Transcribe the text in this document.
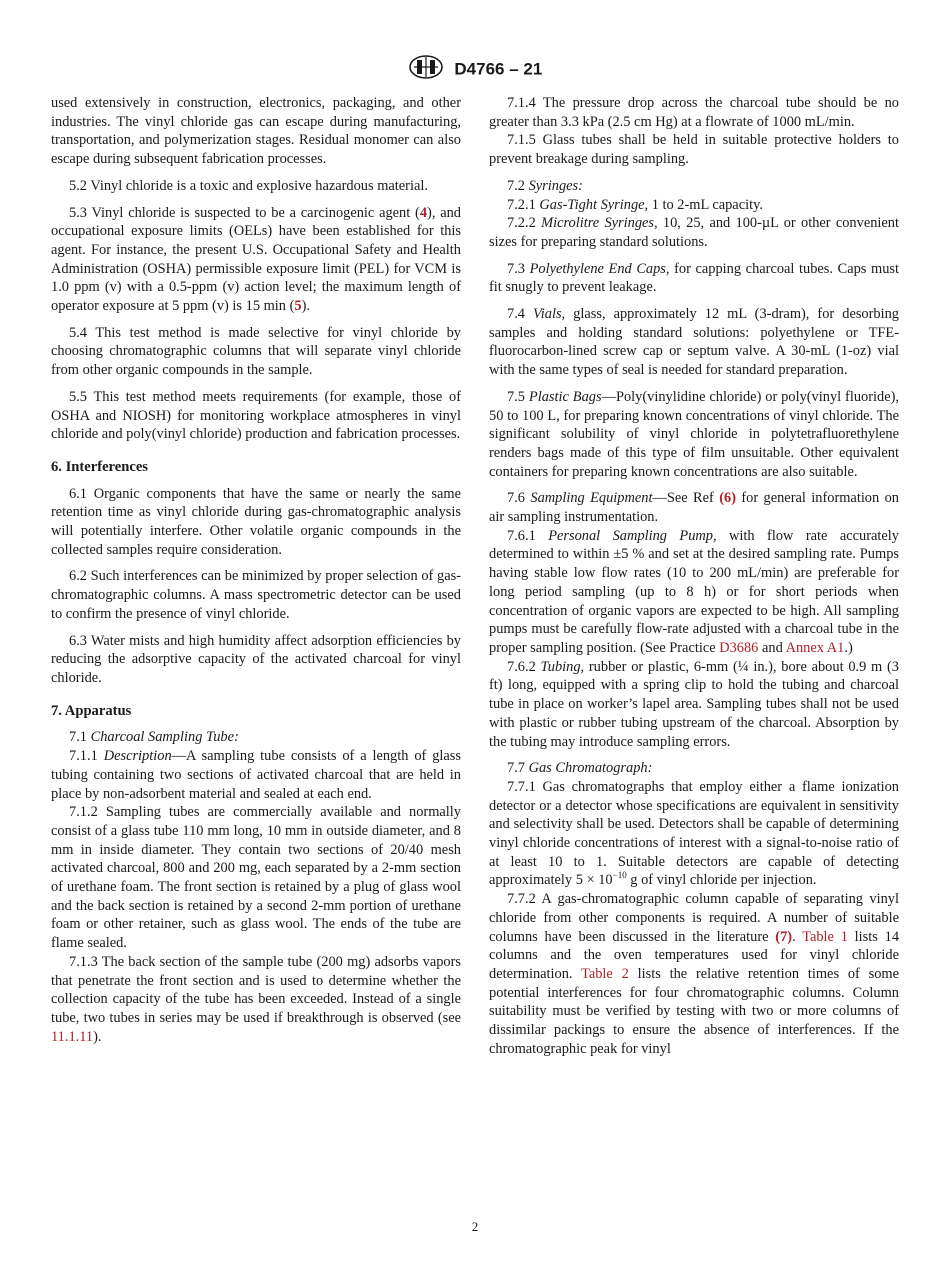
D4766 – 21

used extensively in construction, electronics, packaging, and other industries. The vinyl chloride gas can escape during manufacturing, transportation, and polymerization stages. Residual monomer can also escape during subsequent fabrication processes.

5.2 Vinyl chloride is a toxic and explosive hazardous material.

5.3 Vinyl chloride is suspected to be a carcinogenic agent (4), and occupational exposure limits (OELs) have been established for this agent. For instance, the present U.S. Occupational Safety and Health Administration (OSHA) permissible exposure limit (PEL) for VCM is 1.0 ppm (v) with a 0.5-ppm (v) action level; the maximum length of operator exposure at 5 ppm (v) is 15 min (5).

5.4 This test method is made selective for vinyl chloride by choosing chromatographic columns that will separate vinyl chloride from other organic compounds in the sample.

5.5 This test method meets requirements (for example, those of OSHA and NIOSH) for monitoring workplace atmospheres in vinyl chloride and poly(vinyl chloride) production and fabrication processes.

6. Interferences

6.1 Organic components that have the same or nearly the same retention time as vinyl chloride during gas-chromatographic analysis will potentially interfere. Other volatile organic compounds in the collected samples require consideration.

6.2 Such interferences can be minimized by proper selection of gas-chromatographic columns. A mass spectrometric detector can be used to confirm the presence of vinyl chloride.

6.3 Water mists and high humidity affect adsorption efficiencies by reducing the adsorptive capacity of the activated charcoal for vinyl chloride.

7. Apparatus

7.1 Charcoal Sampling Tube:

7.1.1 Description—A sampling tube consists of a length of glass tubing containing two sections of activated charcoal that are held in place by non-adsorbent material and sealed at each end.

7.1.2 Sampling tubes are commercially available and normally consist of a glass tube 110 mm long, 10 mm in outside diameter, and 8 mm in inside diameter. They contain two sections of 20/40 mesh activated charcoal, 800 and 200 mg, each separated by a 2-mm section of urethane foam. The front section is retained by a plug of glass wool and the back section is retained by a second 2-mm portion of urethane foam or other retainer, such as glass wool. The ends of the tube are flame sealed.

7.1.3 The back section of the sample tube (200 mg) adsorbs vapors that penetrate the front section and is used to determine whether the collection capacity of the tube has been exceeded. Instead of a single tube, two tubes in series may be used if breakthrough is observed (see 11.1.11).

7.1.4 The pressure drop across the charcoal tube should be no greater than 3.3 kPa (2.5 cm Hg) at a flowrate of 1000 mL/min.

7.1.5 Glass tubes shall be held in suitable protective holders to prevent breakage during sampling.

7.2 Syringes:

7.2.1 Gas-Tight Syringe, 1 to 2-mL capacity.

7.2.2 Microlitre Syringes, 10, 25, and 100-µL or other convenient sizes for preparing standard solutions.

7.3 Polyethylene End Caps, for capping charcoal tubes. Caps must fit snugly to prevent leakage.

7.4 Vials, glass, approximately 12 mL (3-dram), for desorbing samples and holding standard solutions: polyethylene or TFE-fluorocarbon-lined screw cap or septum valve. A 30-mL (1-oz) vial with the same types of seal is needed for standard preparation.

7.5 Plastic Bags—Poly(vinylidine chloride) or poly(vinyl fluoride), 50 to 100 L, for preparing known concentrations of vinyl chloride. The significant solubility of vinyl chloride in polytetrafluorethylene renders bags made of this type of film unsuitable. Other equivalent containers for preparing known concentrations are also suitable.

7.6 Sampling Equipment—See Ref (6) for general information on air sampling instrumentation.

7.6.1 Personal Sampling Pump, with flow rate accurately determined to within ±5 % and set at the desired sampling rate. Pumps having stable low flow rates (10 to 200 mL/min) are preferable for long period sampling (up to 8 h) or for short periods when concentration of organic vapors are expected to be high. All sampling pumps must be carefully flow-rate adjusted with a charcoal tube in the proper sampling position. (See Practice D3686 and Annex A1.)

7.6.2 Tubing, rubber or plastic, 6-mm (¼ in.), bore about 0.9 m (3 ft) long, equipped with a spring clip to hold the tubing and charcoal tube in place on worker’s lapel area. Sampling tubes shall not be used with plastic or rubber tubing upstream of the charcoal. Absorption by the tubing may introduce sampling errors.

7.7 Gas Chromatograph:

7.7.1 Gas chromatographs that employ either a flame ionization detector or a detector whose specifications are equivalent in sensitivity and selectivity shall be used. Detectors shall be capable of determining vinyl chloride concentrations of interest with a signal-to-noise ratio of at least 10 to 1. Suitable detectors are capable of detecting approximately $5 \times 10^{-10}$ g of vinyl chloride per injection.

7.7.2 A gas-chromatographic column capable of separating vinyl chloride from other components is required. A number of suitable columns have been discussed in the literature (7). Table 1 lists 14 columns and the oven temperatures used for vinyl chloride determination. Table 2 lists the relative retention times of some potential interferences for four chromatographic columns. Column suitability must be verified by testing with two or more columns of dissimilar packings to ensure the absence of interferences. If the chromatographic peak for vinyl

2
